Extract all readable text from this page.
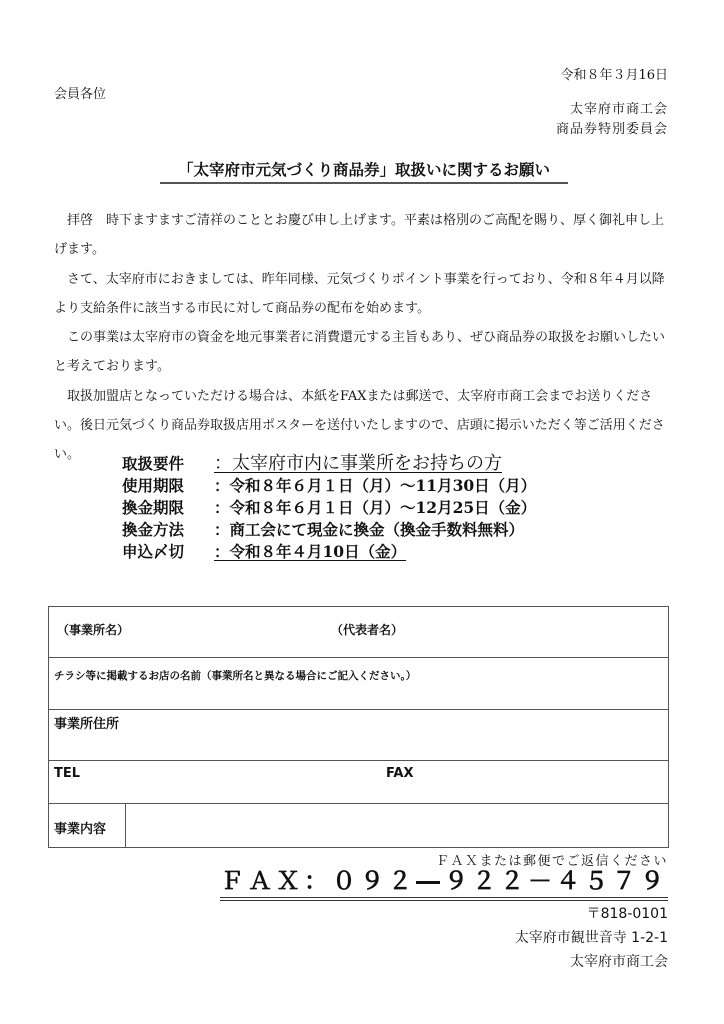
令和８年３月16日
会員各位
太宰府市商工会
商品券特別委員会
「太宰府市元気づくり商品券」取扱いに関するお願い

　拝啓　時下ますますご清祥のこととお慶び申し上げます。平素は格別のご高配を賜り、厚く御礼申し上げます。

　さて、太宰府市におきましては、昨年同様、元気づくりポイント事業を行っており、令和８年４月以降より支給条件に該当する市民に対して商品券の配布を始めます。

　この事業は太宰府市の資金を地元事業者に消費還元する主旨もあり、ぜひ商品券の取扱をお願いしたいと考えております。

　取扱加盟店となっていただける場合は、本紙をFAXまたは郵送で、太宰府市商工会までお送りください。後日元気づくり商品券取扱店用ポスターを送付いたしますので、店頭に掲示いただく等ご活用ください。	取扱要件	：太宰府市内に事業所をお持ちの方
使用期限	：令和８年６月１日（月）～11月30日（月）
換金期限	：令和８年６月１日（月）～12月25日（金）
換金方法	：商工会にて現金に換金（換金手数料無料）
申込〆切	：令和８年４月10日（金）
（事業所名）	（代表者名）

チラシ等に掲載するお店の名前（事業所名と異なる場合にご記入ください。）

事業所住所

TEL	FAX

事業内容

ＦＡＸまたは郵便でご返信ください
ＦＡＸ：０９２―９２２－４５７９
〒818-0101
太宰府市観世音寺 1-2-1
太宰府市商工会
